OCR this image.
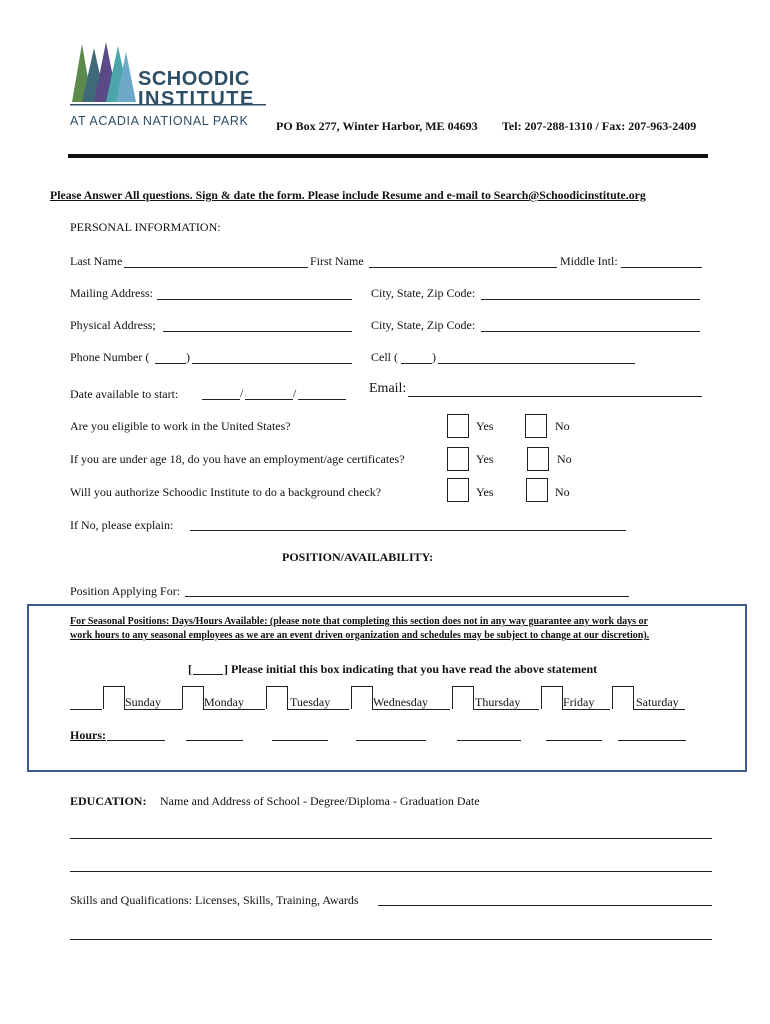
SCHOODIC
INSTITUTE
AT ACADIA NATIONAL PARK PO Box 277, Winter Harbor, ME 04693 Tel: 207-288-1310 / Fax: 207-963-2409
Please Answer All questions. Sign & date the form. Please include Resume and e-mail to Search@Schoodicinstitute.org
PERSONAL INFORMATION:
Last Name	First Name	Middle Intl:
Mailing Address:	City, State, Zip Code:
Physical Address;	City, State, Zip Code:
Phone Number (	)	Cell (	)
Date available to start:	/	/	Email:
Are you eligible to work in the United States?	Yes	No
If you are under age 18, do you have an employment/age certificates?	Yes	No
Will you authorize Schoodic Institute to do a background check?	Yes	No
If No, please explain:
POSITION/AVAILABILITY:
Position Applying For:
For Seasonal Positions: Days/Hours Available: (please note that completing this section does not in any way guarantee any work days or
work hours to any seasonal employees as we are an event driven organization and schedules may be subject to change at our discretion).
[	] Please initial this box indicating that you have read the above statement
Sunday	Monday	Tuesday	Wednesday	Thursday	Friday	Saturday
Hours:
EDUCATION: Name and Address of School - Degree/Diploma - Graduation Date
Skills and Qualifications: Licenses, Skills, Training, Awards
